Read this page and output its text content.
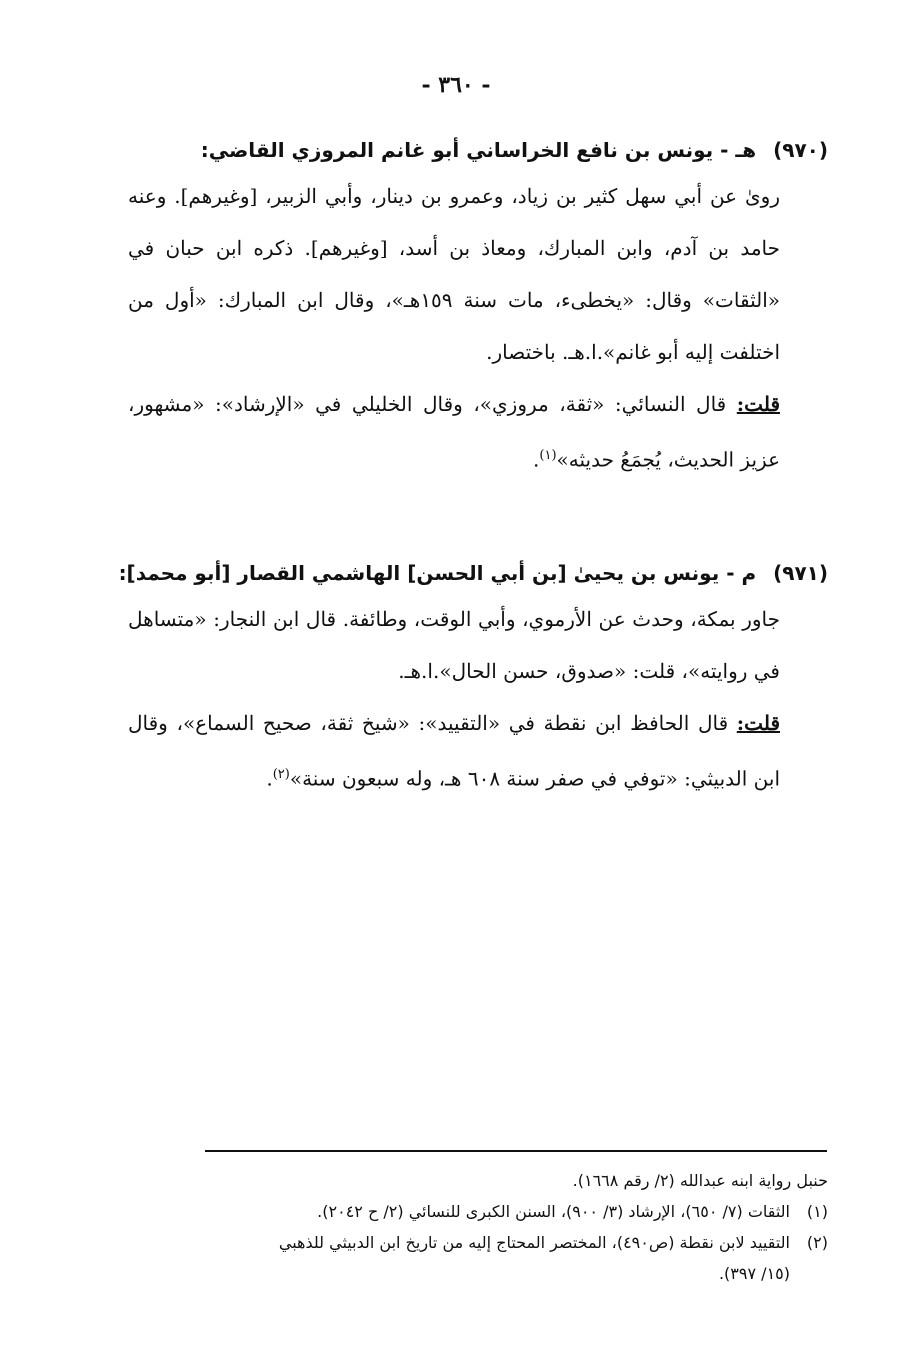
- ٣٦٠ -

(٩٧٠) هـ - يونس بن نافع الخراساني أبو غانم المروزي القاضي:

روىٰ عن أبي سهل كثير بن زياد، وعمرو بن دينار، وأبي الزبير، [وغيرهم]. وعنه حامد بن آدم، وابن المبارك، ومعاذ بن أسد، [وغيرهم]. ذكره ابن حبان في «الثقات» وقال: «يخطىء، مات سنة ١٥٩هـ»، وقال ابن المبارك: «أول من اختلفت إليه أبو غانم».ا.هـ. باختصار.

قلت: قال النسائي: «ثقة، مروزي»، وقال الخليلي في «الإرشاد»: «مشهور، عزيز الحديث، يُجمَعُ حديثه»$^{(١)}$.

(٩٧١) م - يونس بن يحيىٰ [بن أبي الحسن] الهاشمي القصار [أبو محمد]:

جاور بمكة، وحدث عن الأرموي، وأبي الوقت، وطائفة. قال ابن النجار: «متساهل في روايته»، قلت: «صدوق، حسن الحال».ا.هـ.

قلت: قال الحافظ ابن نقطة في «التقييد»: «شيخ ثقة، صحيح السماع»، وقال ابن الدبيثي: «توفي في صفر سنة ٦٠٨ هـ، وله سبعون سنة»$^{(٢)}$.

حنبل رواية ابنه عبدالله (٢/ رقم ١٦٦٨).

(١)الثقات (٧/ ٦٥٠)، الإرشاد (٣/ ٩٠٠)، السنن الكبرى للنسائي (٢/ ح ٢٠٤٢).

(٢)التقييد لابن نقطة (ص٤٩٠)، المختصر المحتاج إليه من تاريخ ابن الدبيثي للذهبي

(١٥/ ٣٩٧).
